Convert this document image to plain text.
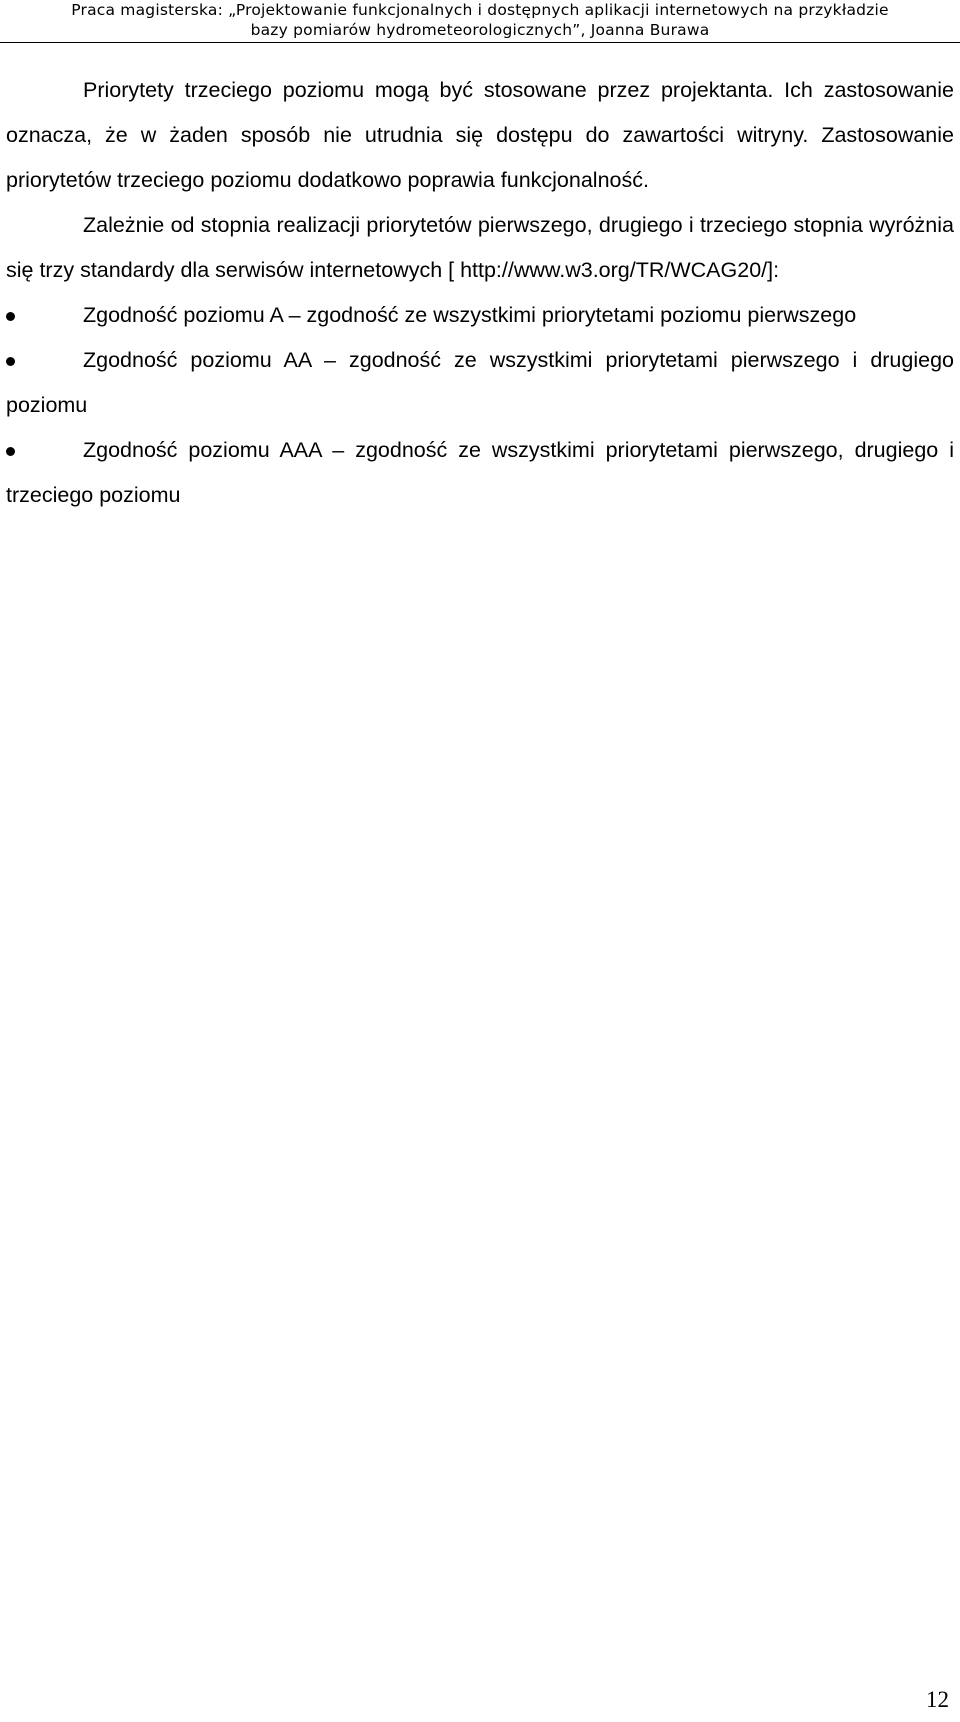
Praca magisterska: „Projektowanie funkcjonalnych i dostępnych aplikacji internetowych na przykładzie
bazy pomiarów hydrometeorologicznych”, Joanna Burawa

Priorytety trzeciego poziomu mogą być stosowane przez projektanta. Ich zastosowanie oznacza, że w żaden sposób nie utrudnia się dostępu do zawartości witryny. Zastosowanie priorytetów trzeciego poziomu dodatkowo poprawia funkcjonalność.

Zależnie od stopnia realizacji priorytetów pierwszego, drugiego i trzeciego stopnia wyróżnia się trzy standardy dla serwisów internetowych [ http://www.w3.org/TR/WCAG20/]:

Zgodność poziomu A – zgodność ze wszystkimi priorytetami poziomu pierwszego
Zgodność poziomu AA – zgodność ze wszystkimi priorytetami pierwszego i drugiego poziomu
Zgodność poziomu AAA – zgodność ze wszystkimi priorytetami pierwszego, drugiego i trzeciego poziomu
12
